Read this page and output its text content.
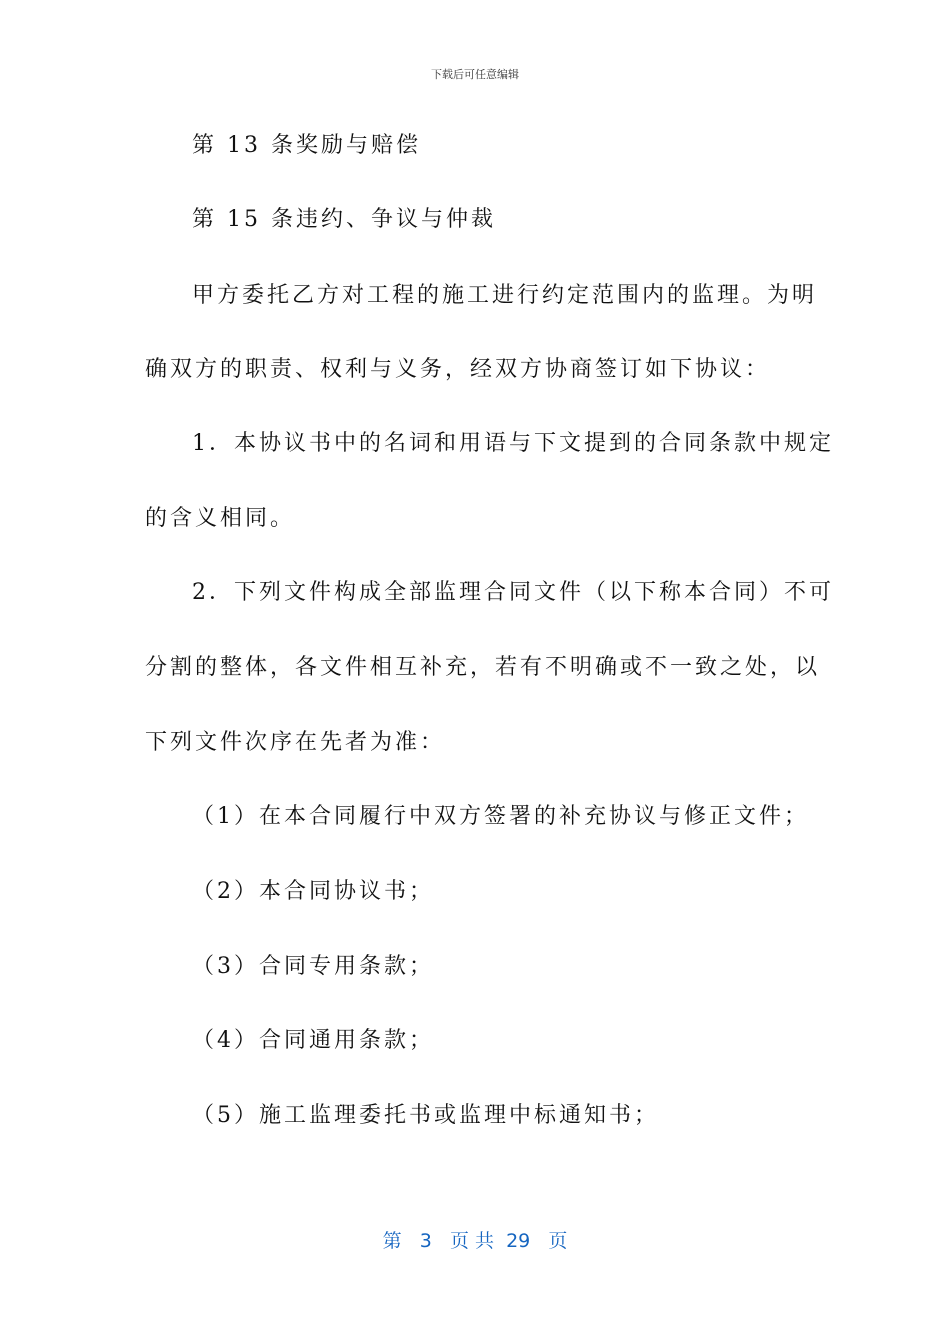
下载后可任意编辑
第 13 条奖励与赔偿
第 15 条违约、争议与仲裁
甲方委托乙方对工程的施工进行约定范围内的监理。为明
确双方的职责、权利与义务，经双方协商签订如下协议：
1．本协议书中的名词和用语与下文提到的合同条款中规定
的含义相同。
2．下列文件构成全部监理合同文件（以下称本合同）不可
分割的整体，各文件相互补充，若有不明确或不一致之处，以
下列文件次序在先者为准：
（1）在本合同履行中双方签署的补充协议与修正文件；
（2）本合同协议书；
（3）合同专用条款；
（4）合同通用条款；
（5）施工监理委托书或监理中标通知书；
第 3 页 共 29 页
